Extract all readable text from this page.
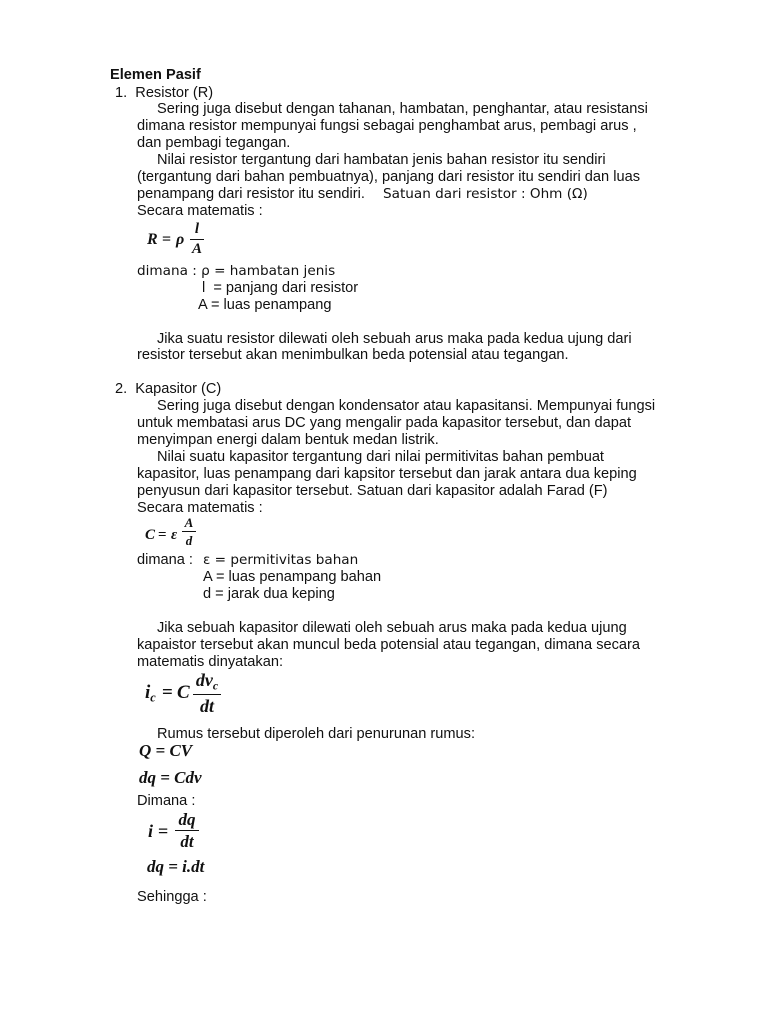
Elemen Pasif
1.  Resistor (R)
Sering juga disebut dengan tahanan, hambatan, penghantar, atau resistansi
dimana resistor mempunyai fungsi sebagai penghambat arus, pembagi arus ,
dan pembagi tegangan.
Nilai resistor tergantung dari hambatan jenis bahan resistor itu sendiri
(tergantung dari bahan pembuatnya), panjang dari resistor itu sendiri dan luas
penampang dari resistor itu sendiri. Satuan dari resistor : Ohm (Ω)
Secara matematis :
R = ρ
l
A
dimana : ρ = hambatan jenis
l  = panjang dari resistor
A = luas penampang
Jika suatu resistor dilewati oleh sebuah arus maka pada kedua ujung dari
resistor tersebut akan menimbulkan beda potensial atau tegangan.
2.  Kapasitor (C)
Sering juga disebut dengan kondensator atau kapasitansi. Mempunyai fungsi
untuk membatasi arus DC yang mengalir pada kapasitor tersebut, dan dapat
menyimpan energi dalam bentuk medan listrik.
Nilai suatu kapasitor tergantung dari nilai permitivitas bahan pembuat
kapasitor, luas penampang dari kapsitor tersebut dan jarak antara dua keping
penyusun dari kapasitor tersebut. Satuan dari kapasitor adalah Farad (F)
Secara matematis :
C = ε
A
d
dimana : ε = permitivitas bahan
A = luas penampang bahan
d = jarak dua keping
Jika sebuah kapasitor dilewati oleh sebuah arus maka pada kedua ujung
kapaistor tersebut akan muncul beda potensial atau tegangan, dimana secara
matematis dinyatakan:
$i_c = C$
$dv_c$
dt
Rumus tersebut diperoleh dari penurunan rumus:
Q = CV
dq = Cdv
Dimana :
i =
dq
dt
dq = i.dt
Sehingga :
